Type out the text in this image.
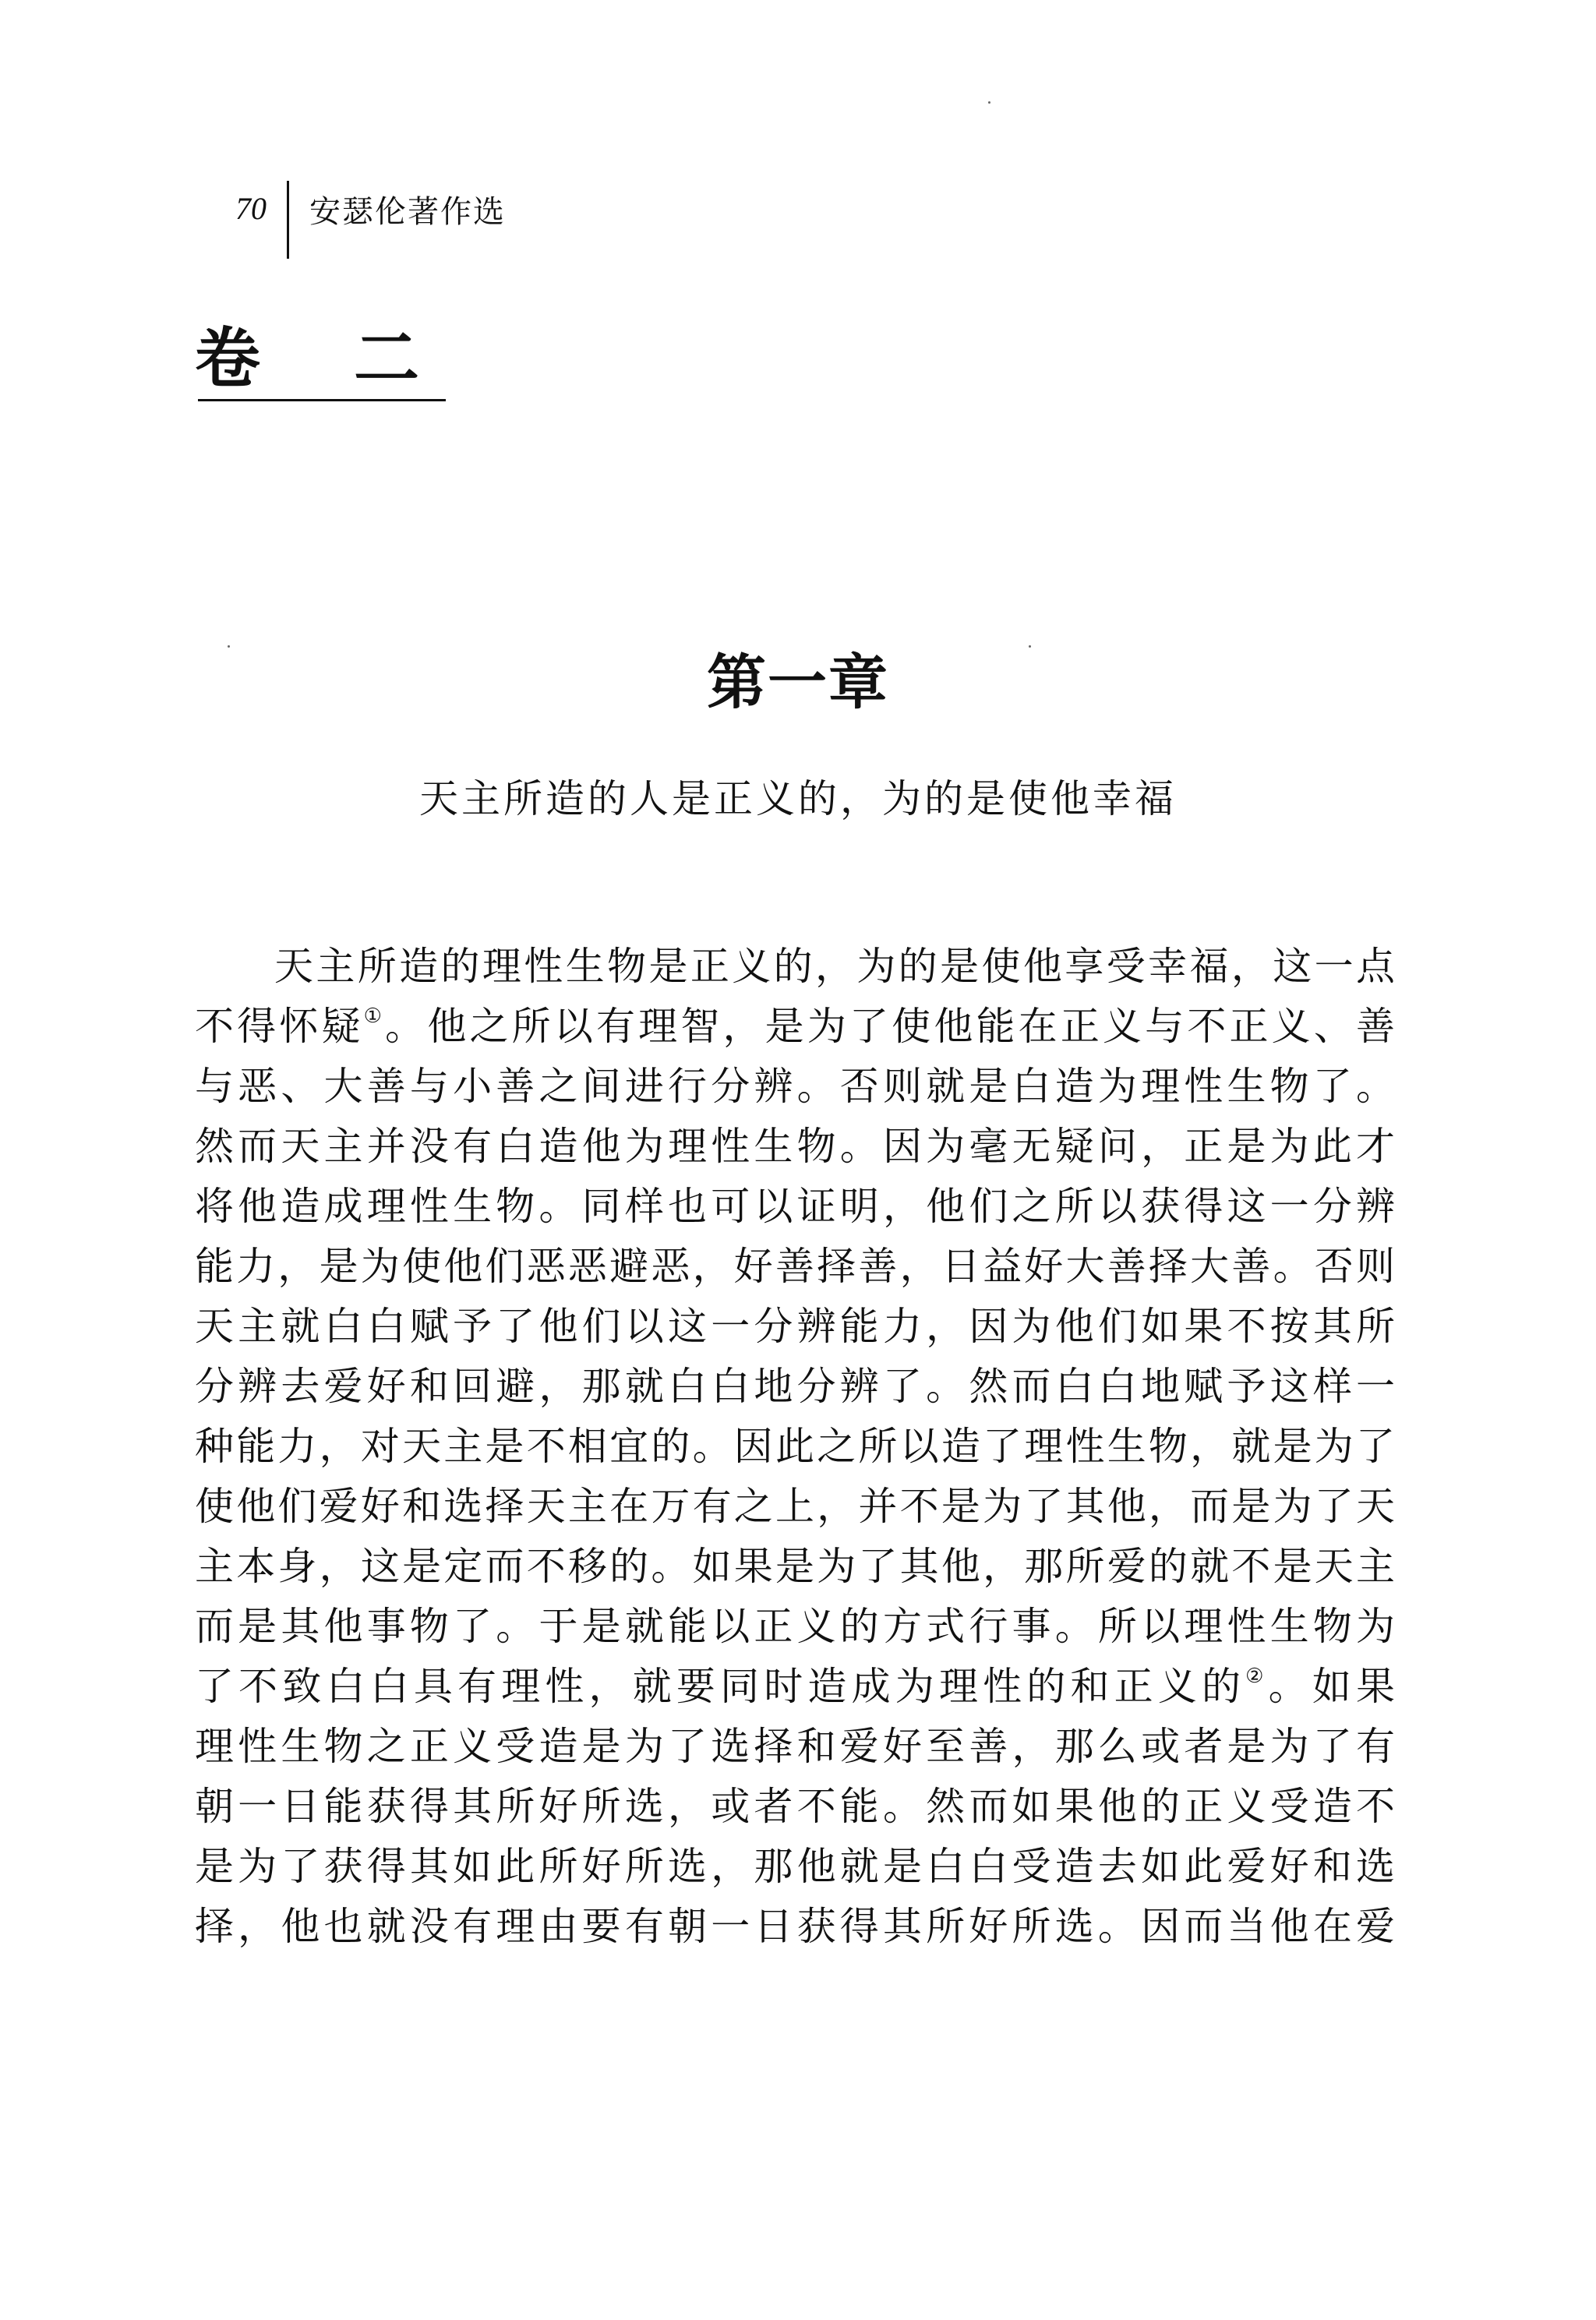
70 安瑟伦著作选
卷二
第一章
天主所造的人是正义的，为的是使他幸福
天主所造的理性生物是正义的，为的是使他享受幸福，这一点
不得怀疑①。他之所以有理智，是为了使他能在正义与不正义、善
与恶、大善与小善之间进行分辨。否则就是白造为理性生物了。
然而天主并没有白造他为理性生物。因为毫无疑问，正是为此才
将他造成理性生物。同样也可以证明，他们之所以获得这一分辨
能力，是为使他们恶恶避恶，好善择善，日益好大善择大善。否则
天主就白白赋予了他们以这一分辨能力，因为他们如果不按其所
分辨去爱好和回避，那就白白地分辨了。然而白白地赋予这样一
种能力，对天主是不相宜的。因此之所以造了理性生物，就是为了
使他们爱好和选择天主在万有之上，并不是为了其他，而是为了天
主本身，这是定而不移的。如果是为了其他，那所爱的就不是天主
而是其他事物了。于是就能以正义的方式行事。所以理性生物为
了不致白白具有理性，就要同时造成为理性的和正义的②。如果
理性生物之正义受造是为了选择和爱好至善，那么或者是为了有
朝一日能获得其所好所选，或者不能。然而如果他的正义受造不
是为了获得其如此所好所选，那他就是白白受造去如此爱好和选
择，他也就没有理由要有朝一日获得其所好所选。因而当他在爱
